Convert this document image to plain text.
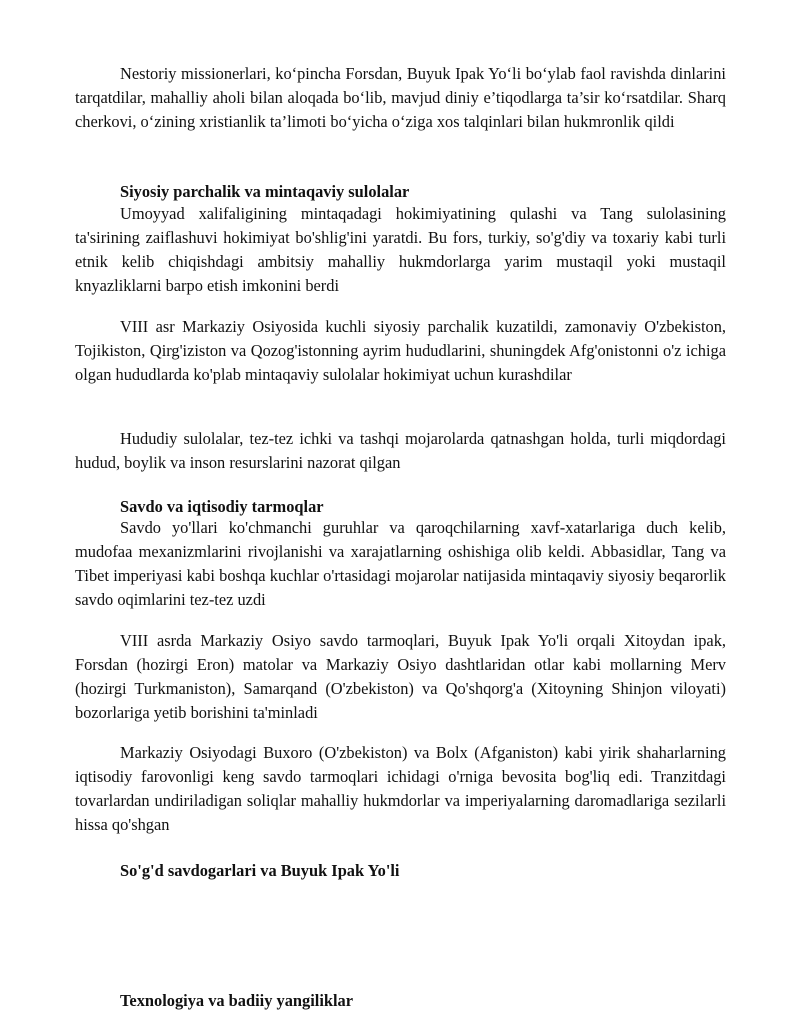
Nestoriy missionerlari, ko‘pincha Forsdan, Buyuk Ipak Yo‘li bo‘ylab faol ravishda dinlarini tarqatdilar, mahalliy aholi bilan aloqada bo‘lib, mavjud diniy e’tiqodlarga ta’sir ko‘rsatdilar. Sharq cherkovi, o‘zining xristianlik ta’limoti bo‘yicha o‘ziga xos talqinlari bilan hukmronlik qildi

Siyosiy parchalik va mintaqaviy sulolalar

Umoyyad xalifaligining mintaqadagi hokimiyatining qulashi va Tang sulolasining ta'sirining zaiflashuvi hokimiyat bo'shlig'ini yaratdi. Bu fors, turkiy, so'g'diy va toxariy kabi turli etnik kelib chiqishdagi ambitsiy mahalliy hukmdorlarga yarim mustaqil yoki mustaqil knyazliklarni barpo etish imkonini berdi

VIII asr Markaziy Osiyosida kuchli siyosiy parchalik kuzatildi, zamonaviy O'zbekiston, Tojikiston, Qirg'iziston va Qozog'istonning ayrim hududlarini, shuningdek Afg'onistonni o'z ichiga olgan hududlarda ko'plab mintaqaviy sulolalar hokimiyat uchun kurashdilar

Hududiy sulolalar, tez-tez ichki va tashqi mojarolarda qatnashgan holda, turli miqdordagi hudud, boylik va inson resurslarini nazorat qilgan

Savdo va iqtisodiy tarmoqlar

Savdo yo'llari ko'chmanchi guruhlar va qaroqchilarning xavf-xatarlariga duch kelib, mudofaa mexanizmlarini rivojlanishi va xarajatlarning oshishiga olib keldi. Abbasidlar, Tang va Tibet imperiyasi kabi boshqa kuchlar o'rtasidagi mojarolar natijasida mintaqaviy siyosiy beqarorlik savdo oqimlarini tez-tez uzdi

VIII asrda Markaziy Osiyo savdo tarmoqlari, Buyuk Ipak Yo'li orqali Xitoydan ipak, Forsdan (hozirgi Eron) matolar va Markaziy Osiyo dashtlaridan otlar kabi mollarning Merv (hozirgi Turkmaniston), Samarqand (O'zbekiston) va Qo'shqorg'a (Xitoyning Shinjon viloyati) bozorlariga yetib borishini ta'minladi

Markaziy Osiyodagi Buxoro (O'zbekiston) va Bolx (Afganiston) kabi yirik shaharlarning iqtisodiy farovonligi keng savdo tarmoqlari ichidagi o'rniga bevosita bog'liq edi. Tranzitdagi tovarlardan undiriladigan soliqlar mahalliy hukmdorlar va imperiyalarning daromadlariga sezilarli hissa qo'shgan

So'g'd savdogarlari va Buyuk Ipak Yo'li
Texnologiya va badiiy yangiliklar
